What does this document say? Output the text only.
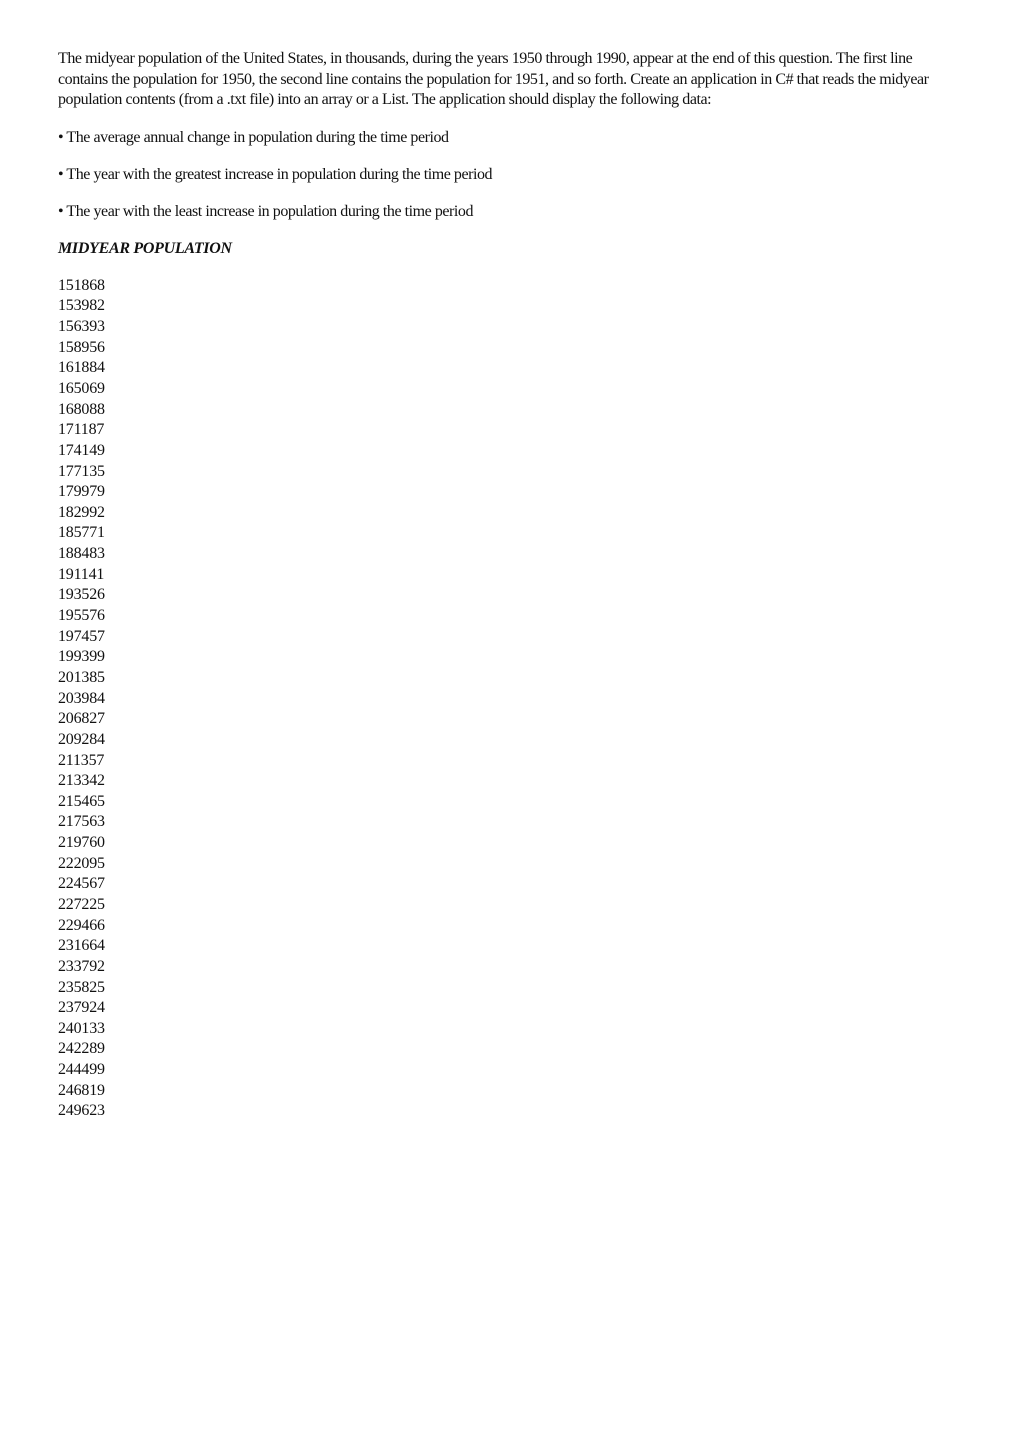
The midyear population of the United States, in thousands, during the years 1950 through 1990, appear at the end of this question. The first line contains the population for 1950, the second line contains the population for 1951, and so forth. Create an application in C# that reads the midyear population contents (from a .txt file) into an array or a List. The application should display the following data:

• The average annual change in population during the time period

• The year with the greatest increase in population during the time period

• The year with the least increase in population during the time period

MIDYEAR POPULATION
151868
153982
156393
158956
161884
165069
168088
171187
174149
177135
179979
182992
185771
188483
191141
193526
195576
197457
199399
201385
203984
206827
209284
211357
213342
215465
217563
219760
222095
224567
227225
229466
231664
233792
235825
237924
240133
242289
244499
246819
249623
